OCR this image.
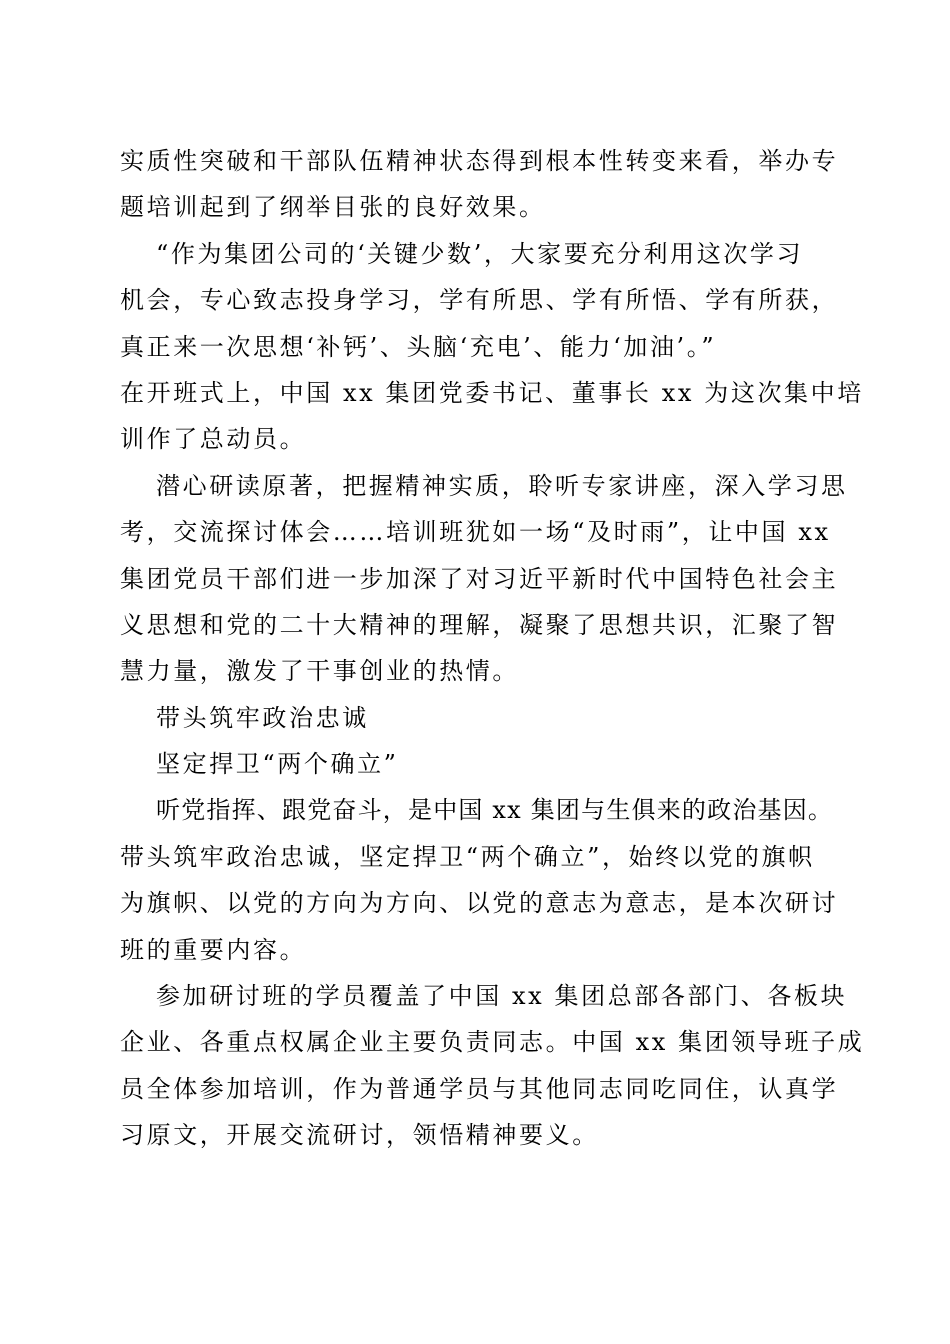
实质性突破和干部队伍精神状态得到根本性转变来看，举办专
题培训起到了纲举目张的良好效果。
“作为集团公司的‘关键少数’，大家要充分利用这次学习
机会，专心致志投身学习，学有所思、学有所悟、学有所获，
真正来一次思想‘补钙’、头脑‘充电’、能力‘加油’。”
在开班式上，中国 xx 集团党委书记、董事长 xx 为这次集中培
训作了总动员。
潜心研读原著，把握精神实质，聆听专家讲座，深入学习思
考，交流探讨体会……培训班犹如一场“及时雨”，让中国 xx
集团党员干部们进一步加深了对习近平新时代中国特色社会主
义思想和党的二十大精神的理解，凝聚了思想共识，汇聚了智
慧力量，激发了干事创业的热情。
带头筑牢政治忠诚
坚定捍卫“两个确立”
听党指挥、跟党奋斗，是中国 xx 集团与生俱来的政治基因。
带头筑牢政治忠诚，坚定捍卫“两个确立”，始终以党的旗帜
为旗帜、以党的方向为方向、以党的意志为意志，是本次研讨
班的重要内容。
参加研讨班的学员覆盖了中国 xx 集团总部各部门、各板块
企业、各重点权属企业主要负责同志。中国 xx 集团领导班子成
员全体参加培训，作为普通学员与其他同志同吃同住，认真学
习原文，开展交流研讨，领悟精神要义。
